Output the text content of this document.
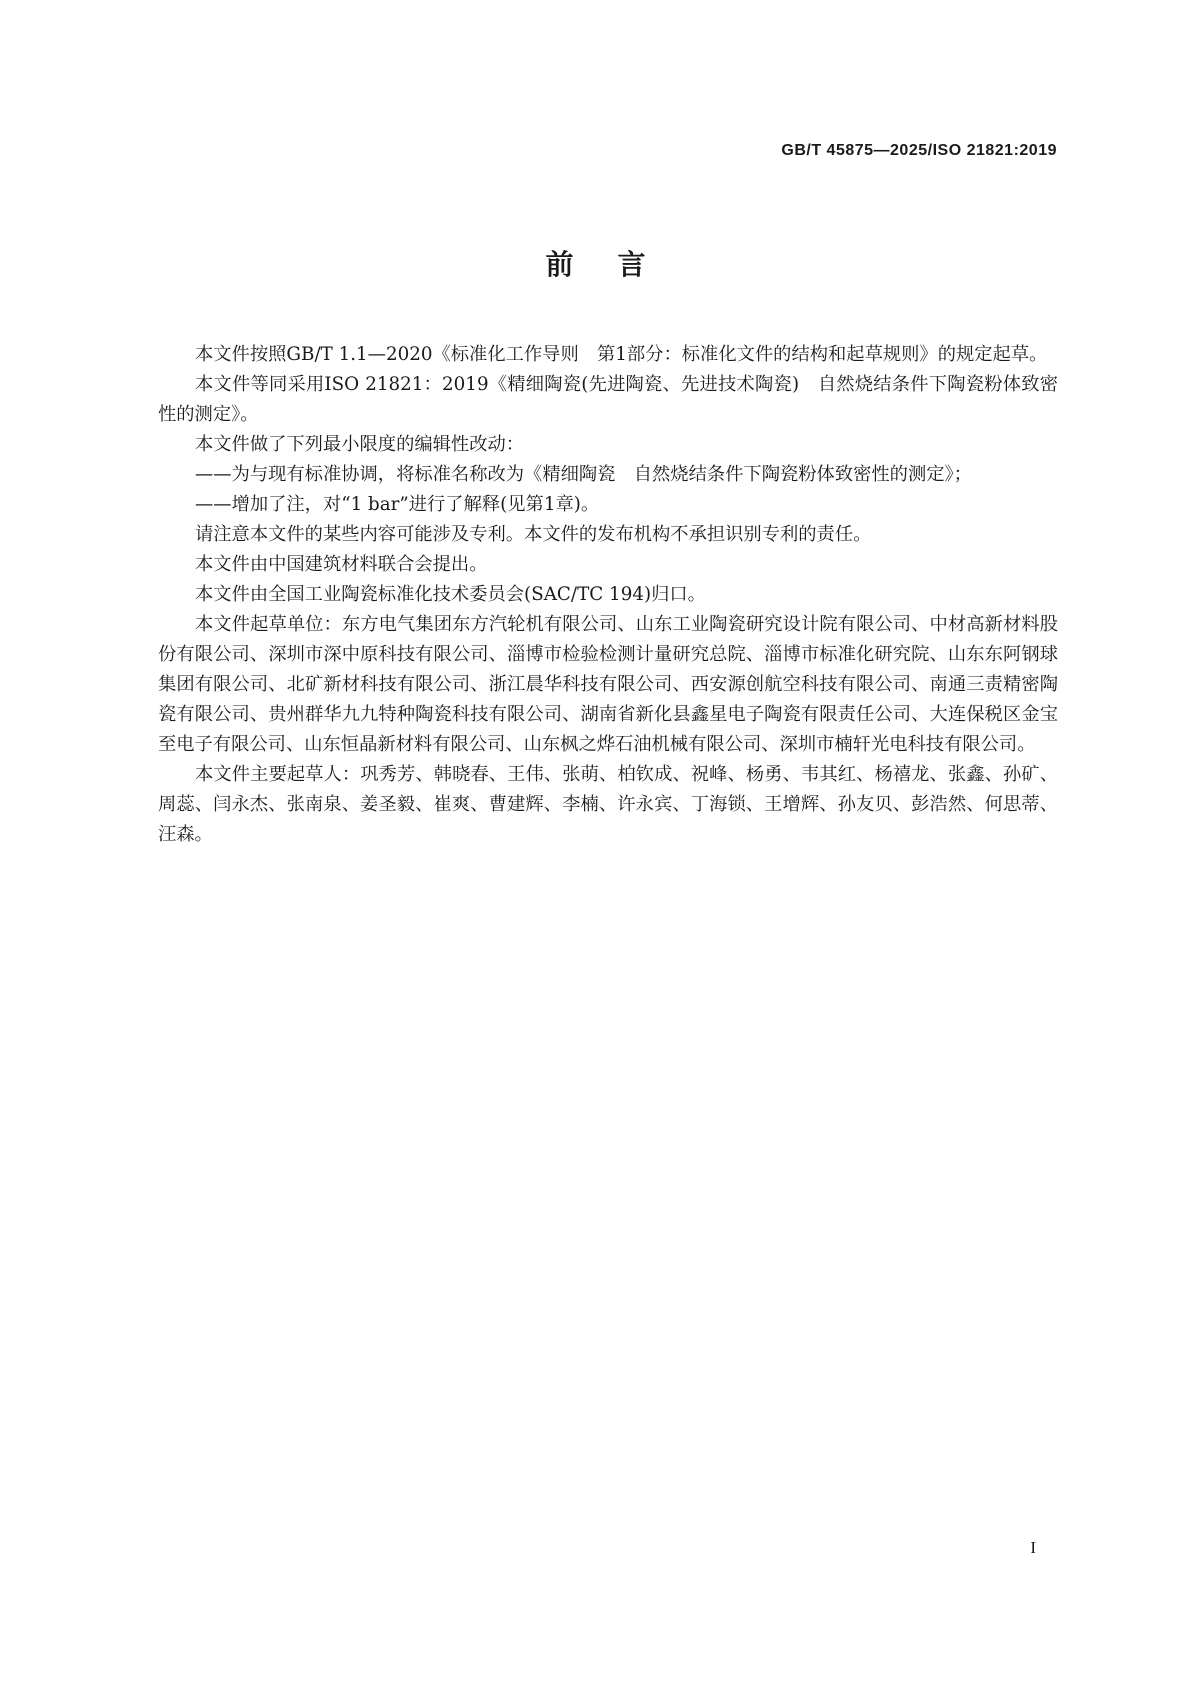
GB/T 45875—2025/ISO 21821:2019
前言

本文件按照GB/T 1.1—2020《标准化工作导则　第1部分：标准化文件的结构和起草规则》的规定起草。

本文件等同采用ISO 21821：2019《精细陶瓷(先进陶瓷、先进技术陶瓷)　自然烧结条件下陶瓷粉体致密性的测定》。

本文件做了下列最小限度的编辑性改动：

——为与现有标准协调，将标准名称改为《精细陶瓷　自然烧结条件下陶瓷粉体致密性的测定》；

——增加了注，对“1 bar”进行了解释(见第1章)。

请注意本文件的某些内容可能涉及专利。本文件的发布机构不承担识别专利的责任。

本文件由中国建筑材料联合会提出。

本文件由全国工业陶瓷标准化技术委员会(SAC/TC 194)归口。

本文件起草单位：东方电气集团东方汽轮机有限公司、山东工业陶瓷研究设计院有限公司、中材高新材料股份有限公司、深圳市深中原科技有限公司、淄博市检验检测计量研究总院、淄博市标准化研究院、山东东阿钢球集团有限公司、北矿新材科技有限公司、浙江晨华科技有限公司、西安源创航空科技有限公司、南通三责精密陶瓷有限公司、贵州群华九九特种陶瓷科技有限公司、湖南省新化县鑫星电子陶瓷有限责任公司、大连保税区金宝至电子有限公司、山东恒晶新材料有限公司、山东枫之烨石油机械有限公司、深圳市楠轩光电科技有限公司。

本文件主要起草人：巩秀芳、韩晓春、王伟、张萌、柏钦成、祝峰、杨勇、韦其红、杨禧龙、张鑫、孙矿、周蕊、闫永杰、张南泉、姜圣毅、崔爽、曹建辉、李楠、许永宾、丁海锁、王增辉、孙友贝、彭浩然、何思蒂、汪森。

I
